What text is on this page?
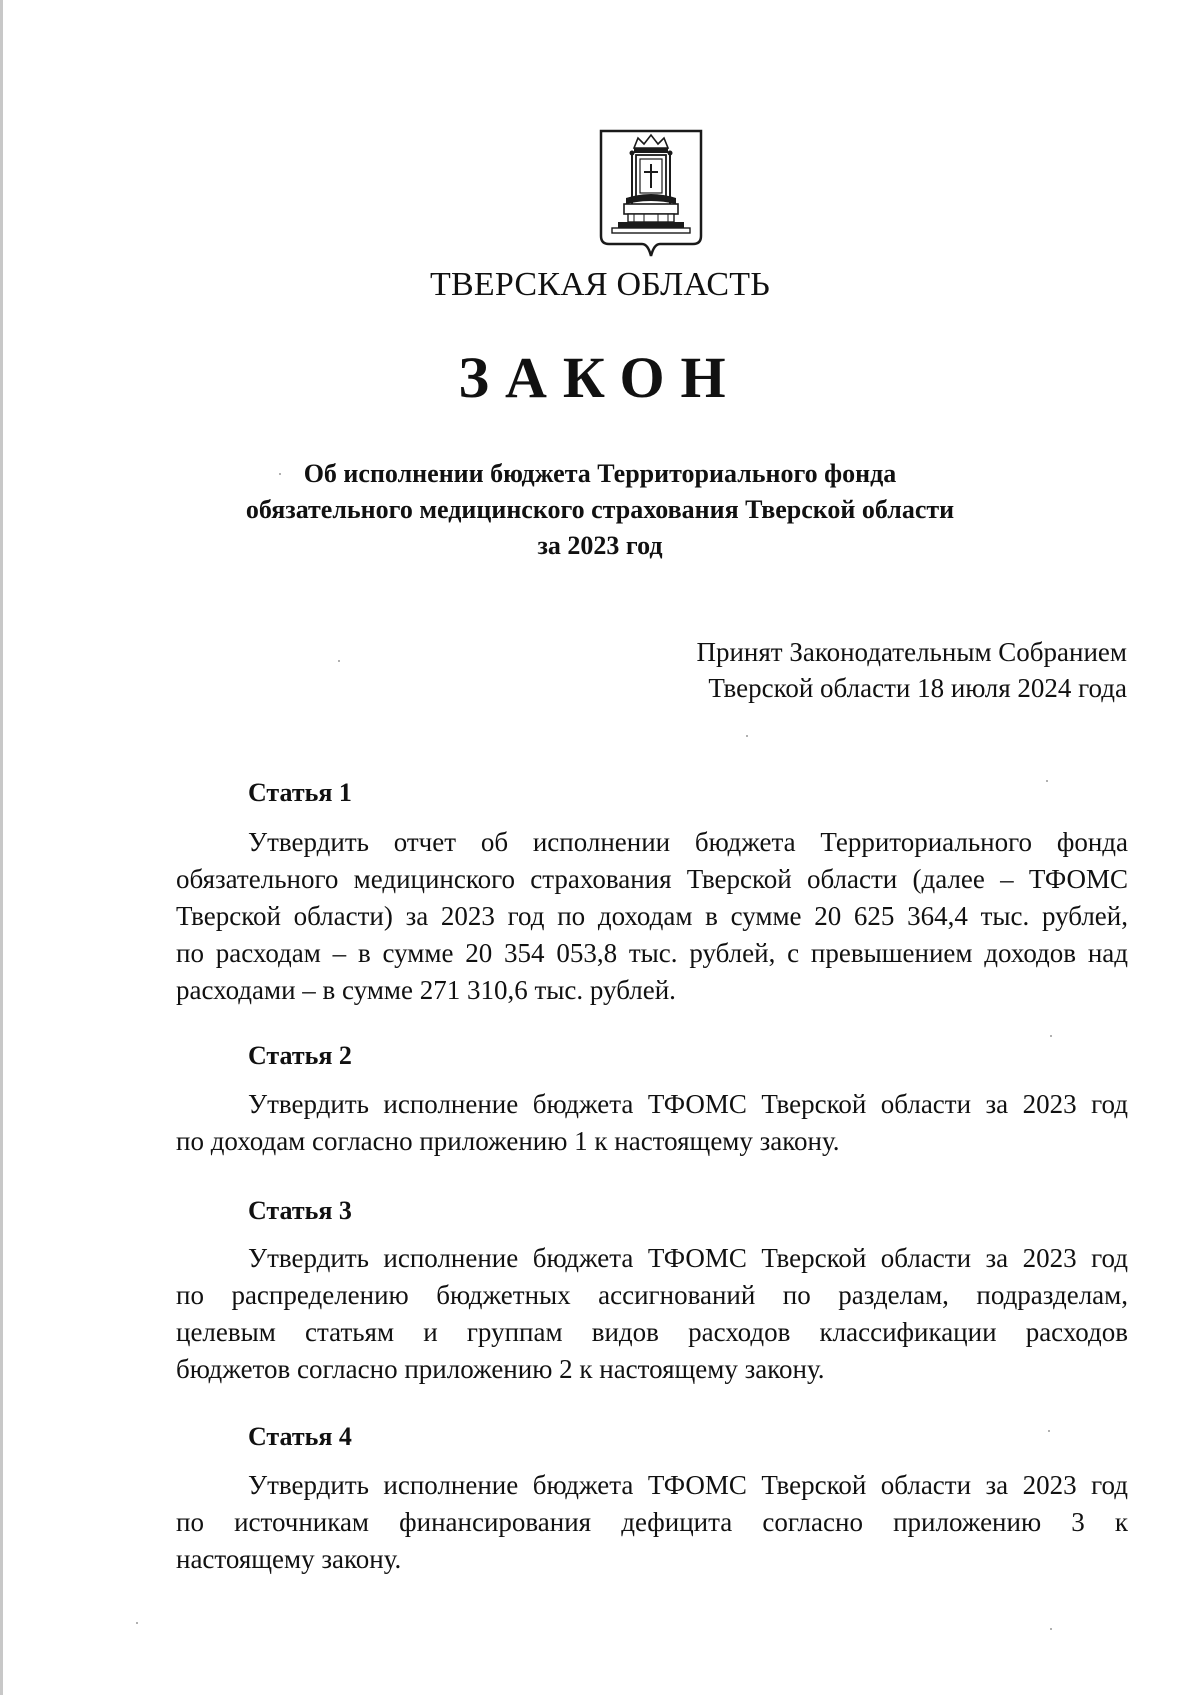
ТВЕРСКАЯ ОБЛАСТЬ
ЗАКОН
Об исполнении бюджета Территориального фонда
обязательного медицинского страхования Тверской области
за 2023 год
Принят Законодательным Собранием
Тверской области 18 июля 2024 года
Статья 1
Утвердить отчет об исполнении бюджета Территориального фонда
обязательного медицинского страхования Тверской области (далее – ТФОМС
Тверской области) за 2023 год по доходам в сумме 20 625 364,4 тыс. рублей,
по расходам – в сумме 20 354 053,8 тыс. рублей, с превышением доходов над
расходами – в сумме 271 310,6 тыс. рублей.
Статья 2
Утвердить исполнение бюджета ТФОМС Тверской области за 2023 год
по доходам согласно приложению 1 к настоящему закону.
Статья 3
Утвердить исполнение бюджета ТФОМС Тверской области за 2023 год
по распределению бюджетных ассигнований по разделам, подразделам,
целевым статьям и группам видов расходов классификации расходов
бюджетов согласно приложению 2 к настоящему закону.
Статья 4
Утвердить исполнение бюджета ТФОМС Тверской области за 2023 год
по источникам финансирования дефицита согласно приложению 3 к
настоящему закону.
